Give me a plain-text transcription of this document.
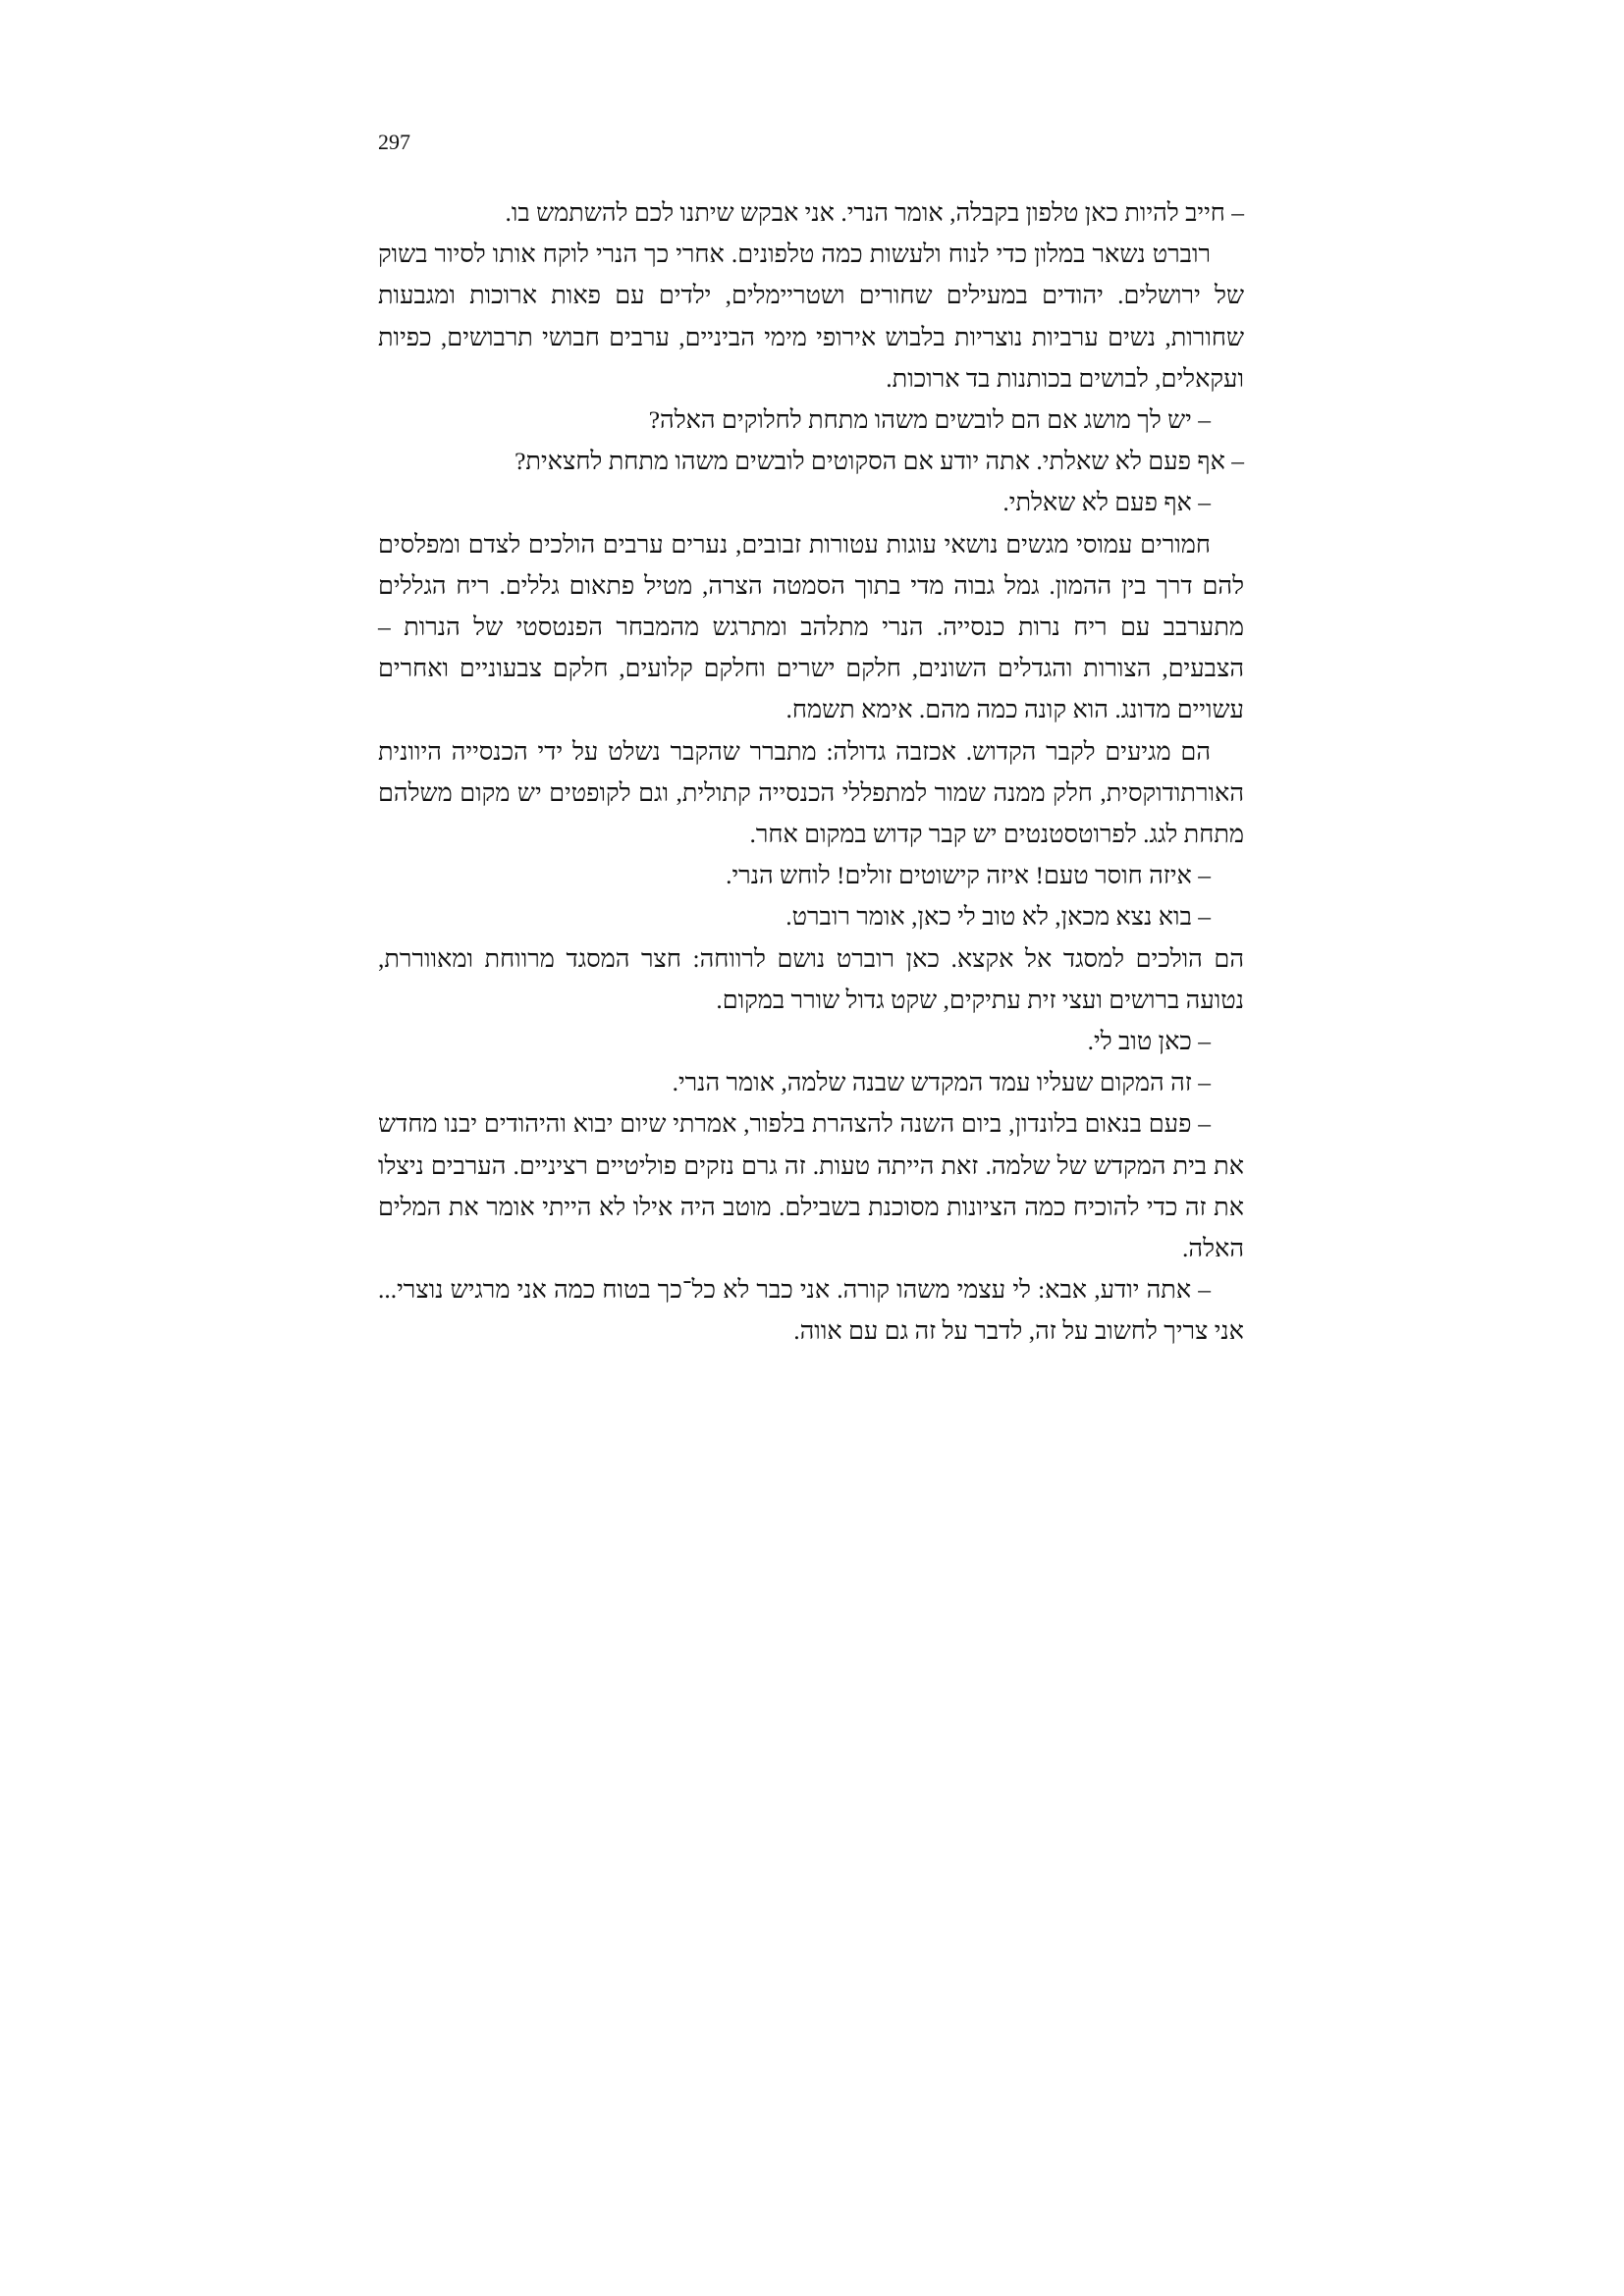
297

– חייב להיות כאן טלפון בקבלה, אומר הנרי. אני אבקש שיתנו לכם להשתמש בו.

רוברט נשאר במלון כדי לנוח ולעשות כמה טלפונים. אחרי כך הנרי לוקח אותו לסיור בשוק של ירושלים. יהודים במעילים שחורים ושטריימלים, ילדים עם פאות ארוכות ומגבעות שחורות, נשים ערביות נוצריות בלבוש אירופי מימי הביניים, ערבים חבושי תרבושים, כפיות ועקאלים, לבושים בכותנות בד ארוכות.

– יש לך מושג אם הם לובשים משהו מתחת לחלוקים האלה?

– אף פעם לא שאלתי. אתה יודע אם הסקוטים לובשים משהו מתחת לחצאית?

– אף פעם לא שאלתי.

חמורים עמוסי מגשים נושאי עוגות עטורות זבובים, נערים ערבים הולכים לצדם ומפלסים להם דרך בין ההמון. גמל גבוה מדי בתוך הסמטה הצרה, מטיל פתאום גללים. ריח הגללים מתערבב עם ריח נרות כנסייה. הנרי מתלהב ומתרגש מהמבחר הפנטסטי של הנרות – הצבעים, הצורות והגדלים השונים, חלקם ישרים וחלקם קלועים, חלקם צבעוניים ואחרים עשויים מדונג. הוא קונה כמה מהם. אימא תשמח.

הם מגיעים לקבר הקדוש. אכזבה גדולה: מתברר שהקבר נשלט על ידי הכנסייה היוונית האורתודוקסית, חלק ממנה שמור למתפללי הכנסייה קתולית, וגם לקופטים יש מקום משלהם מתחת לגג. לפרוטסטנטים יש קבר קדוש במקום אחר.

– איזה חוסר טעם! איזה קישוטים זולים! לוחש הנרי.

– בוא נצא מכאן, לא טוב לי כאן, אומר רוברט.

הם הולכים למסגד אל אקצא. כאן רוברט נושם לרווחה: חצר המסגד מרווחת ומאווררת, נטועה ברושים ועצי זית עתיקים, שקט גדול שורר במקום.

– כאן טוב לי.

– זה המקום שעליו עמד המקדש שבנה שלמה, אומר הנרי.

– פעם בנאום בלונדון, ביום השנה להצהרת בלפור, אמרתי שיום יבוא והיהודים יבנו מחדש את בית המקדש של שלמה. זאת הייתה טעות. זה גרם נזקים פוליטיים רציניים. הערבים ניצלו את זה כדי להוכיח כמה הציונות מסוכנת בשבילם. מוטב היה אילו לא הייתי אומר את המלים האלה.

– אתה יודע, אבא: לי עצמי משהו קורה. אני כבר לא כל־כך בטוח כמה אני מרגיש נוצרי... אני צריך לחשוב על זה, לדבר על זה גם עם אווה.
